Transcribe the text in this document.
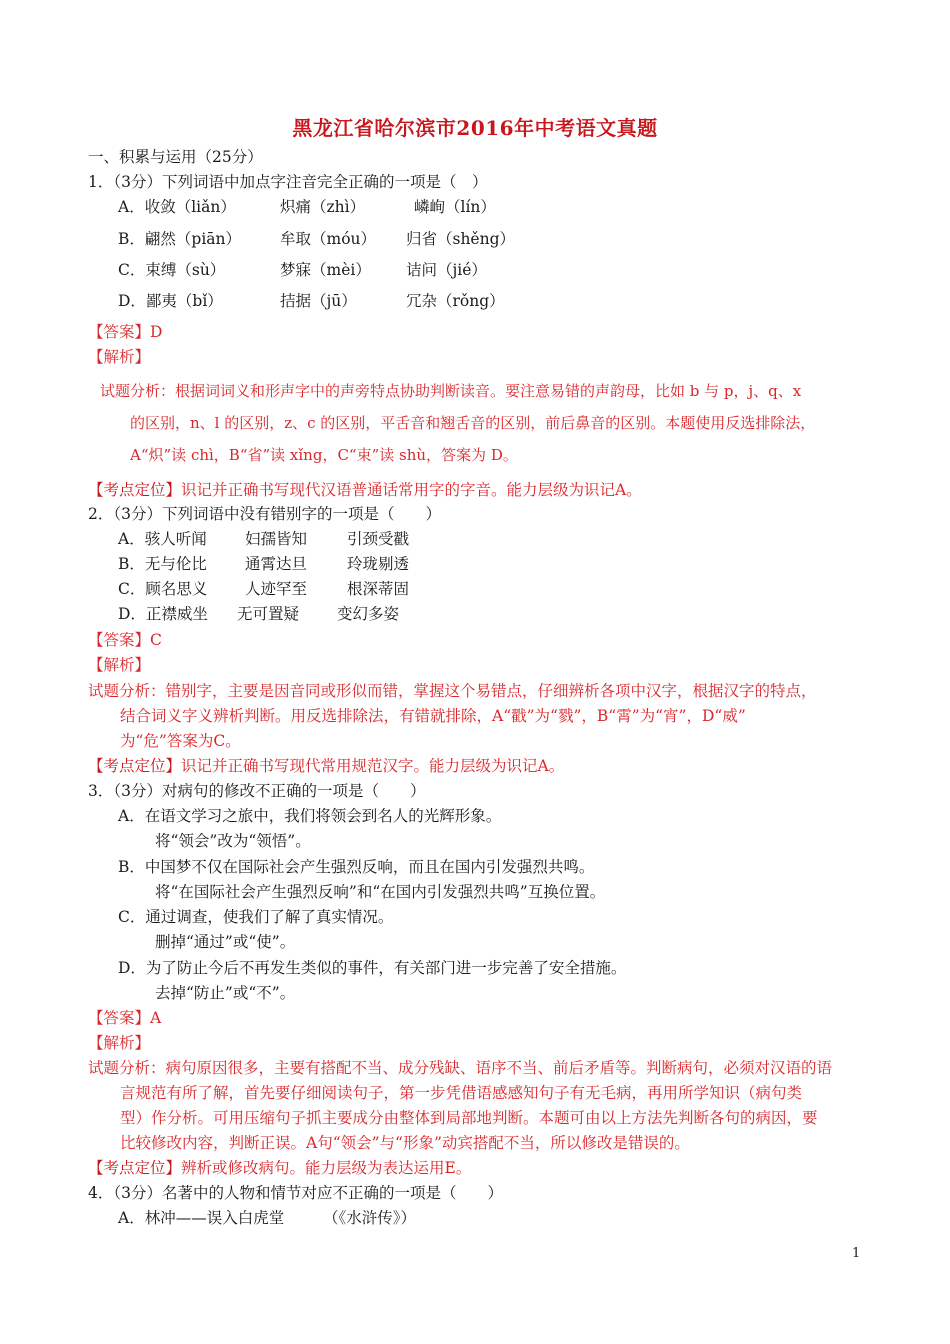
黑龙江省哈尔滨市2016年中考语文真题
一、积累与运用（25分）
1．（3分）下列词语中加点字注音完全正确的一项是（　）
A．收敛（liǎn）	炽痛（zhì）	嶙峋（lín）
B．翩然（piān）	牟取（móu） 归省（shěng）
C．束缚（sù）	梦寐（mèi） 诘问（jié）
D．鄙夷（bǐ）	拮据（jū）	冗杂（rǒng）
【答案】D
【解析】
试题分析：根据词词义和形声字中的声旁特点协助判断读音。要注意易错的声韵母，比如 b 与 p，j、q、x
的区别，n、l 的区别，z、c 的区别，平舌音和翘舌音的区别，前后鼻音的区别。本题使用反选排除法，
A“炽”读 chì，B“省”读 xǐng，C“束”读 shù，答案为 D。
【考点定位】识记并正确书写现代汉语普通话常用字的字音。能力层级为识记A。
2．（3分）下列词语中没有错别字的一项是（　　）
A．骇人听闻 妇孺皆知	引颈受戳
B．无与伦比 通霄达旦	玲珑剔透
C．顾名思义 人迹罕至	根深蒂固
D．正襟威坐 无可置疑 变幻多姿
【答案】C
【解析】
试题分析：错别字，主要是因音同或形似而错，掌握这个易错点，仔细辨析各项中汉字，根据汉字的特点，
结合词义字义辨析判断。用反选排除法，有错就排除，A“戳”为“戮”，B“霄”为“宵”，D“威”
为“危”答案为C。
【考点定位】识记并正确书写现代常用规范汉字。能力层级为识记A。
3．（3分）对病句的修改不正确的一项是（　　）
A．在语文学习之旅中，我们将领会到名人的光辉形象。
将“领会”改为“领悟”。
B．中国梦不仅在国际社会产生强烈反响，而且在国内引发强烈共鸣。
将“在国际社会产生强烈反响”和“在国内引发强烈共鸣”互换位置。
C．通过调查，使我们了解了真实情况。
删掉“通过”或“使”。
D．为了防止今后不再发生类似的事件，有关部门进一步完善了安全措施。
去掉“防止”或“不”。
【答案】A
【解析】
试题分析：病句原因很多，主要有搭配不当、成分残缺、语序不当、前后矛盾等。判断病句，必须对汉语的语
言规范有所了解，首先要仔细阅读句子，第一步凭借语感感知句子有无毛病，再用所学知识（病句类
型）作分析。可用压缩句子抓主要成分由整体到局部地判断。本题可由以上方法先判断各句的病因，要
比较修改内容，判断正误。A句“领会”与“形象”动宾搭配不当，所以修改是错误的。
【考点定位】辨析或修改病句。能力层级为表达运用E。
4．（3分）名著中的人物和情节对应不正确的一项是（　　）
A．林冲——误入白虎堂　　　（《水浒传》）
1
